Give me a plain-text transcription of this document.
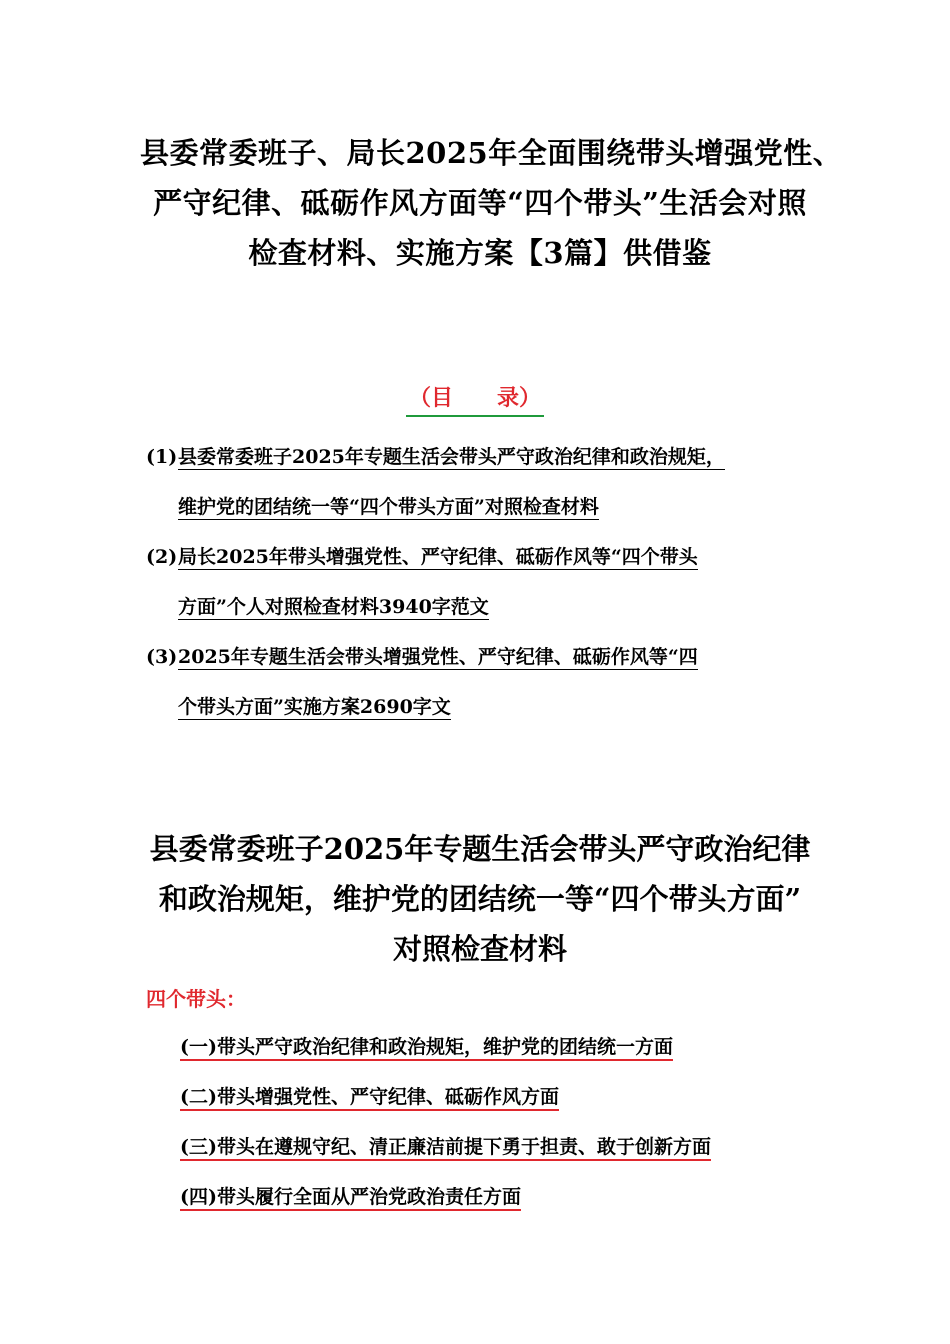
县委常委班子、局长2025年全面围绕带头增强党性、
严守纪律、砥砺作风方面等“四个带头”生活会对照
检查材料、实施方案【3篇】供借鉴
（目　　录）
(1) 县委常委班子2025年专题生活会带头严守政治纪律和政治规矩，
维护党的团结统一等“四个带头方面”对照检查材料
(2) 局长2025年带头增强党性、严守纪律、砥砺作风等“四个带头
方面”个人对照检查材料3940字范文
(3) 2025年专题生活会带头增强党性、严守纪律、砥砺作风等“四
个带头方面”实施方案2690字文
县委常委班子2025年专题生活会带头严守政治纪律
和政治规矩，维护党的团结统一等“四个带头方面”
对照检查材料
四个带头：
(一)带头严守政治纪律和政治规矩，维护党的团结统一方面
(二)带头增强党性、严守纪律、砥砺作风方面
(三)带头在遵规守纪、清正廉洁前提下勇于担责、敢于创新方面
(四)带头履行全面从严治党政治责任方面
